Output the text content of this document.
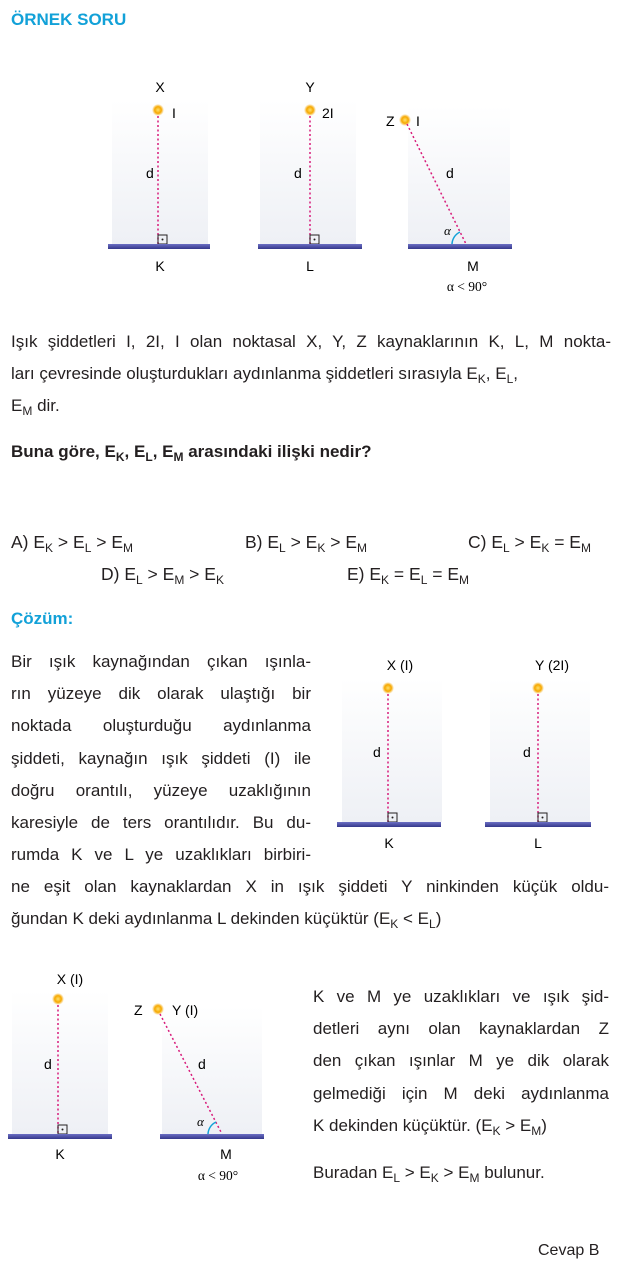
ÖRNEK SORU
X
I
d
K
Y
2I
d
L
Z I
d
α
M
α < 90°
Işık şiddetleri I, 2I, I olan noktasal X, Y, Z kaynaklarının K, L, M nokta-
ları çevresinde oluşturdukları aydınlanma şiddetleri sırasıyla $E_K$, $E_L$,
$E_M$ dir.
Buna göre, $E_K$, $E_L$, $E_M$ arasındaki ilişki nedir?
A) $E_K > E_L > E_M$	B) $E_L > E_K > E_M$	C) $E_L > E_K = E_M$
D) $E_L > E_M > E_K$	E) $E_K = E_L = E_M$
Çözüm:
Bir ışık kaynağından çıkan ışınla-
rın yüzeye dik olarak ulaştığı bir
noktada oluşturduğu aydınlanma
şiddeti, kaynağın ışık şiddeti (I) ile
doğru orantılı, yüzeye uzaklığının
karesiyle de ters orantılıdır. Bu du-
rumda K ve L ye uzaklıkları birbiri-
ne eşit olan kaynaklardan X in ışık şiddeti Y ninkinden küçük oldu-
ğundan K deki aydınlanma L dekinden küçüktür $(E_K < E_L)$
X (I)
d
K
Y (2I)
d
L
X (I)
d
K
Z Y (I)
d
α
M
α < 90°
K ve M ye uzaklıkları ve ışık şid-
detleri aynı olan kaynaklardan Z
den çıkan ışınlar M ye dik olarak
gelmediği için M deki aydınlanma
K dekinden küçüktür. $(E_K > E_M)$
Buradan $E_L > E_K > E_M$ bulunur.
Cevap B
